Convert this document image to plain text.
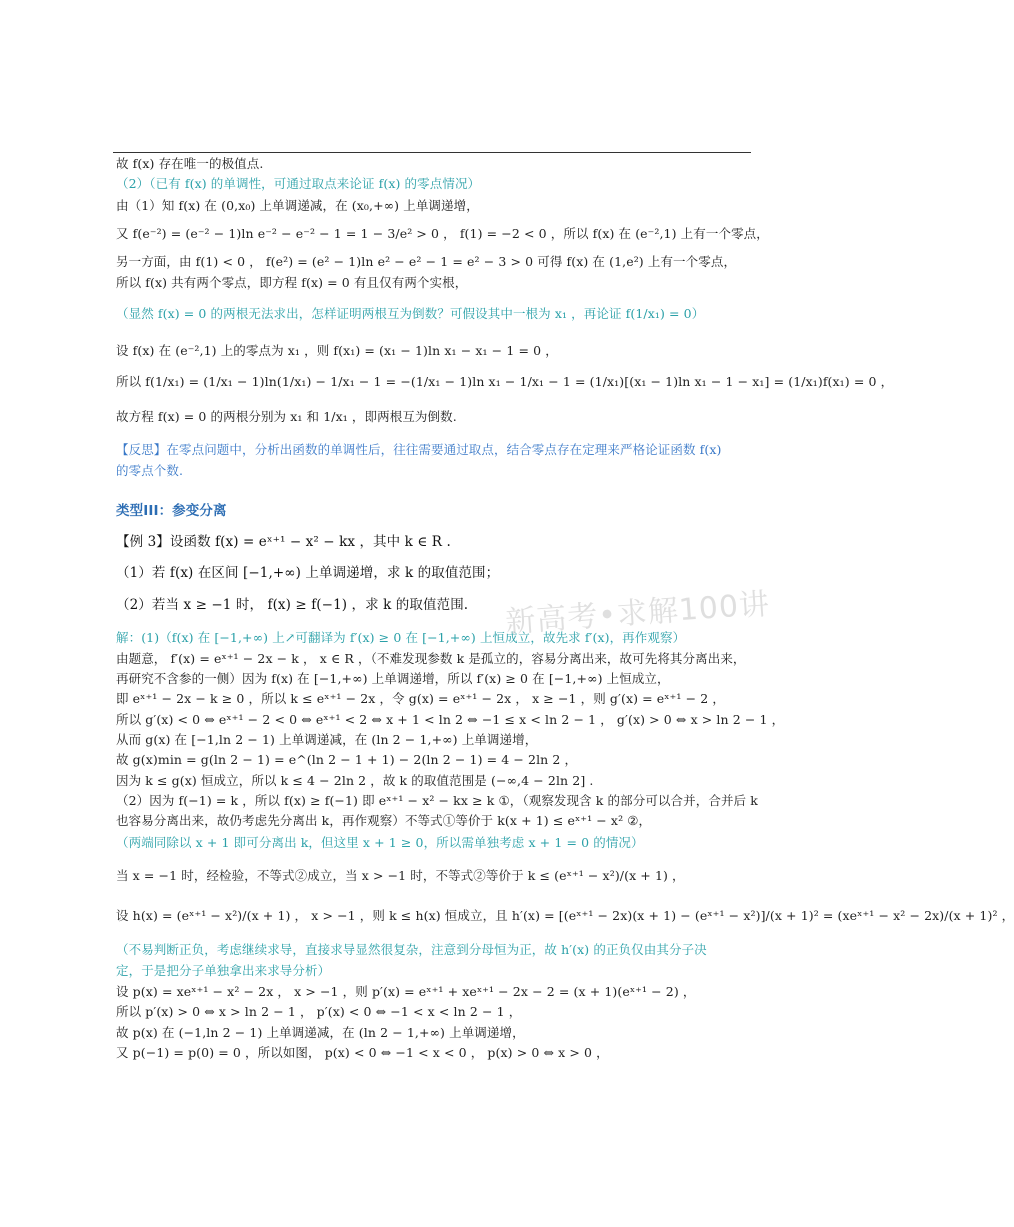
故 f(x) 存在唯一的极值点.
（2）（已有 f(x) 的单调性，可通过取点来论证 f(x) 的零点情况）
由（1）知 f(x) 在 (0,x₀) 上单调递减，在 (x₀,+∞) 上单调递增，
又 f(e⁻²) = (e⁻² − 1)ln e⁻² − e⁻² − 1 = 1 − 3/e² > 0 ， f(1) = −2 < 0 ，所以 f(x) 在 (e⁻²,1) 上有一个零点，
另一方面，由 f(1) < 0 ， f(e²) = (e² − 1)ln e² − e² − 1 = e² − 3 > 0 可得 f(x) 在 (1,e²) 上有一个零点，
所以 f(x) 共有两个零点，即方程 f(x) = 0 有且仅有两个实根，
（显然 f(x) = 0 的两根无法求出，怎样证明两根互为倒数？可假设其中一根为 x₁ ，再论证 f(1/x₁) = 0）
设 f(x) 在 (e⁻²,1) 上的零点为 x₁ ，则 f(x₁) = (x₁ − 1)ln x₁ − x₁ − 1 = 0 ，
所以 f(1/x₁) = (1/x₁ − 1)ln(1/x₁) − 1/x₁ − 1 = −(1/x₁ − 1)ln x₁ − 1/x₁ − 1 = (1/x₁)[(x₁ − 1)ln x₁ − 1 − x₁] = (1/x₁)f(x₁) = 0 ，
故方程 f(x) = 0 的两根分别为 x₁ 和 1/x₁ ，即两根互为倒数.
【反思】在零点问题中，分析出函数的单调性后，往往需要通过取点，结合零点存在定理来严格论证函数 f(x)
的零点个数.
类型III：参变分离
【例 3】设函数 f(x) = eˣ⁺¹ − x² − kx ，其中 k ∈ R .
（1）若 f(x) 在区间 [−1,+∞) 上单调递增，求 k 的取值范围；
（2）若当 x ≥ −1 时， f(x) ≥ f(−1) ，求 k 的取值范围.
解：(1)（f(x) 在 [−1,+∞) 上↗可翻译为 f′(x) ≥ 0 在 [−1,+∞) 上恒成立，故先求 f′(x)，再作观察）
由题意， f′(x) = eˣ⁺¹ − 2x − k ， x ∈ R ，（不难发现参数 k 是孤立的，容易分离出来，故可先将其分离出来，
再研究不含参的一侧）因为 f(x) 在 [−1,+∞) 上单调递增，所以 f′(x) ≥ 0 在 [−1,+∞) 上恒成立，
即 eˣ⁺¹ − 2x − k ≥ 0 ，所以 k ≤ eˣ⁺¹ − 2x ，令 g(x) = eˣ⁺¹ − 2x ， x ≥ −1 ，则 g′(x) = eˣ⁺¹ − 2 ，
所以 g′(x) < 0 ⇔ eˣ⁺¹ − 2 < 0 ⇔ eˣ⁺¹ < 2 ⇔ x + 1 < ln 2 ⇔ −1 ≤ x < ln 2 − 1 ， g′(x) > 0 ⇔ x > ln 2 − 1 ，
从而 g(x) 在 [−1,ln 2 − 1) 上单调递减，在 (ln 2 − 1,+∞) 上单调递增，
故 g(x)min = g(ln 2 − 1) = e^(ln 2 − 1 + 1) − 2(ln 2 − 1) = 4 − 2ln 2 ，
因为 k ≤ g(x) 恒成立，所以 k ≤ 4 − 2ln 2 ，故 k 的取值范围是 (−∞,4 − 2ln 2] .
（2）因为 f(−1) = k ，所以 f(x) ≥ f(−1) 即 eˣ⁺¹ − x² − kx ≥ k ①，（观察发现含 k 的部分可以合并，合并后 k
也容易分离出来，故仍考虑先分离出 k，再作观察）不等式①等价于 k(x + 1) ≤ eˣ⁺¹ − x² ②，
（两端同除以 x + 1 即可分离出 k，但这里 x + 1 ≥ 0，所以需单独考虑 x + 1 = 0 的情况）
当 x = −1 时，经检验，不等式②成立，当 x > −1 时，不等式②等价于 k ≤ (eˣ⁺¹ − x²)/(x + 1) ，
设 h(x) = (eˣ⁺¹ − x²)/(x + 1) ， x > −1 ，则 k ≤ h(x) 恒成立，且 h′(x) = [(eˣ⁺¹ − 2x)(x + 1) − (eˣ⁺¹ − x²)]/(x + 1)² = (xeˣ⁺¹ − x² − 2x)/(x + 1)² ，
（不易判断正负，考虑继续求导，直接求导显然很复杂，注意到分母恒为正，故 h′(x) 的正负仅由其分子决
定，于是把分子单独拿出来求导分析）
设 p(x) = xeˣ⁺¹ − x² − 2x ， x > −1 ，则 p′(x) = eˣ⁺¹ + xeˣ⁺¹ − 2x − 2 = (x + 1)(eˣ⁺¹ − 2) ，
所以 p′(x) > 0 ⇔ x > ln 2 − 1 ， p′(x) < 0 ⇔ −1 < x < ln 2 − 1 ，
故 p(x) 在 (−1,ln 2 − 1) 上单调递减，在 (ln 2 − 1,+∞) 上单调递增，
又 p(−1) = p(0) = 0 ，所以如图， p(x) < 0 ⇔ −1 < x < 0 ， p(x) > 0 ⇔ x > 0 ，
新高考•求解100讲
